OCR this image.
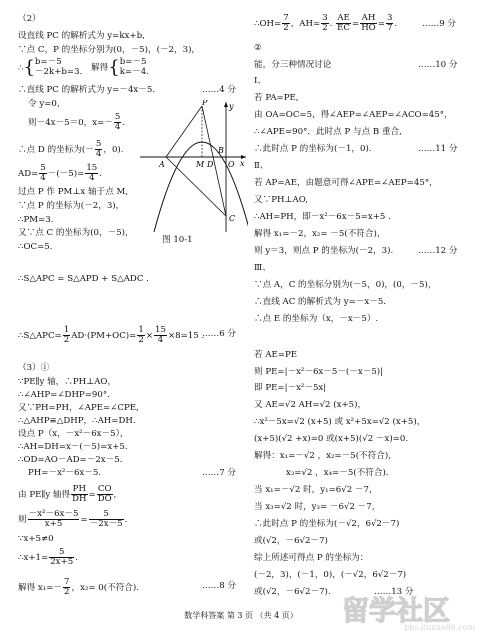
（2）
设直线 PC 的解析式为 y=kx+b,
∵点 C，P 的坐标分别为(0，－5)，(－2，3)，
∴{ b=－5
－2k+b=3. 解得{ b=－5
k=－4.
∴直线 PC 的解析式为 y=－4x－5.	……4 分
令 y=0，
则－4x－5＝0，$x=- \frac{5}{4}$ .
∴点 D 的坐标为(－ $\frac{5}{4}$ ，0).
$AD= \frac{5}{4} -(-5)= \frac{15}{4}$ .
过点 P 作 PM⊥x 轴于点 M,
∵点 P 的坐标为(－2，3)，
∴PM=3.
又∵点 C 的坐标为(0，－5)，
∴OC=5.
P
A	M D O
B
x
y
C
图 10-1
∴S△APC = S△APD + S△ADC .
∴S△APC= $\frac{1}{2} AD\cdot(PM+OC)= \frac{1}{2} \times \frac{15}{4} \times 8=15$ .
……6 分
（3）①
∵PE∥y 轴，∴PH⊥AO，
∴∠AHP=∠DHP=90°.
又∵PH=PH，∠APE=∠CPE,
∴△AHP≌△DHP，∴AH=DH.
设点 P（x，－x²－6x－5），
∴AH=DH=x－(－5)=x+5.
∴OD=AO－AD=－2x－5.
PH=－x²－6x－5.	……7 分
由 PE∥y 轴得 $\frac{PH}{DH} = \frac{CO}{DO}$ ,
则 $\frac{\text{－x²－6x－5}}{x+5} = \frac{5}{-2x-5}$ .
∵x+5≠0
∴x+1= $\frac{5}{2x+5}$ .
解得 $x_1=- \frac{7}{2}$ ，x₂= 0(不符合).	……8 分
∴OH= $\frac{7}{2}$ ，$AH= \frac{3}{2}$ . $\frac{AE}{EC} = \frac{AH}{HO} = \frac{3}{7}$ .	……9 分
②
能，分三种情况讨论	……10 分
Ⅰ、
若 PA=PE,
由 OA=OC=5，得∠AEP=∠AEP=∠ACO=45°，
∴∠APE=90°．此时点 P 与点 B 重合,
∴此时点 P 的坐标为(－1，0).	……11 分
Ⅱ、
若 AP=AE，由题意可得∠APE=∠AEP=45°，
又∵PH⊥AO,
∴AH=PH，即－x²－6x－5=x+5 .
解得 x₁=－2，x₂= －5(不符合)，
则 y＝3，则点 P 的坐标为(－2，3).	……12 分
Ⅲ、
∵点 A，C 的坐标分别为(－5，0)，(0，－5)，
∴直线 AC 的解析式为 y=－x－5.
∴点 E 的坐标为（x，－x－5）.
若 AE=PE
则 PE=|－x²－6x－5－(－x－5)|
即 PE=|－x²－5x|
又 AE=√2 AH=√2 (x+5)，
∴x²－5x=√2 (x+5) 或 x²+5x=√2 (x+5)，
(x+5)(√2 +x)=0 或(x+5)(√2 －x)=0.
解得：x₁=－√2 ，x₂=－5(不符合)，
x₃=√2 ，x₄=－5(不符合).
当 x₁=－√2 时，y₁=6√2 －7，
当 x₃=√2 时，y₃= －6√2 －7，
∴此时点 P 的坐标为(－√2，6√2－7)
或(√2，－6√2－7)
综上所述可得点 P 的坐标为：
(－2，3)，(－1，0)，(－√2，6√2－7)
或(√2，－6√2－7).	……13 分
数学科答案 第 3 页 （共 4 页）	留学社区
bbs.liuxue86.com
